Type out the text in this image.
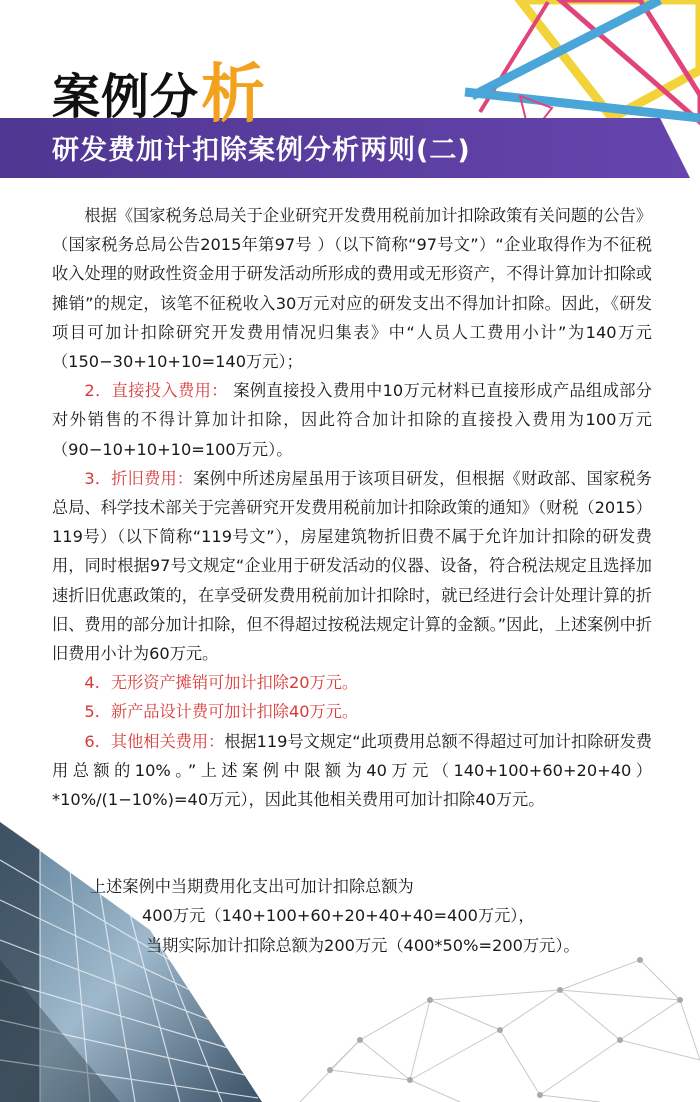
案例分析
研发费加计扣除案例分析两则(二)

根据《国家税务总局关于企业研究开发费用税前加计扣除政策有关问题的公告》（国家税务总局公告2015年第97号 ）（以下简称“97号文”）“企业取得作为不征税收入处理的财政性资金用于研发活动所形成的费用或无形资产，不得计算加计扣除或摊销”的规定，该笔不征税收入30万元对应的研发支出不得加计扣除。因此，《研发项目可加计扣除研究开发费用情况归集表》中“人员人工费用小计”为140万元（150−30+10+10=140万元）；

2．直接投入费用： 案例直接投入费用中10万元材料已直接形成产品组成部分对外销售的不得计算加计扣除，因此符合加计扣除的直接投入费用为100万元（90−10+10+10=100万元）。

3．折旧费用：案例中所述房屋虽用于该项目研发，但根据《财政部、国家税务总局、科学技术部关于完善研究开发费用税前加计扣除政策的通知》（财税（2015）119号）（以下简称“119号文”），房屋建筑物折旧费不属于允许加计扣除的研发费用，同时根据97号文规定“企业用于研发活动的仪器、设备，符合税法规定且选择加速折旧优惠政策的，在享受研发费用税前加计扣除时，就已经进行会计处理计算的折旧、费用的部分加计扣除，但不得超过按税法规定计算的金额。”因此，上述案例中折旧费用小计为60万元。

4．无形资产摊销可加计扣除20万元。

5．新产品设计费可加计扣除40万元。

6．其他相关费用：根据119号文规定“此项费用总额不得超过可加计扣除研发费用总额的10%。”上述案例中限额为40万元（140+100+60+20+40）*10%/(1−10%)=40万元），因此其他相关费用可加计扣除40万元。

上述案例中当期费用化支出可加计扣除总额为
400万元（140+100+60+20+40+40=400万元），
当期实际加计扣除总额为200万元（400*50%=200万元）。
